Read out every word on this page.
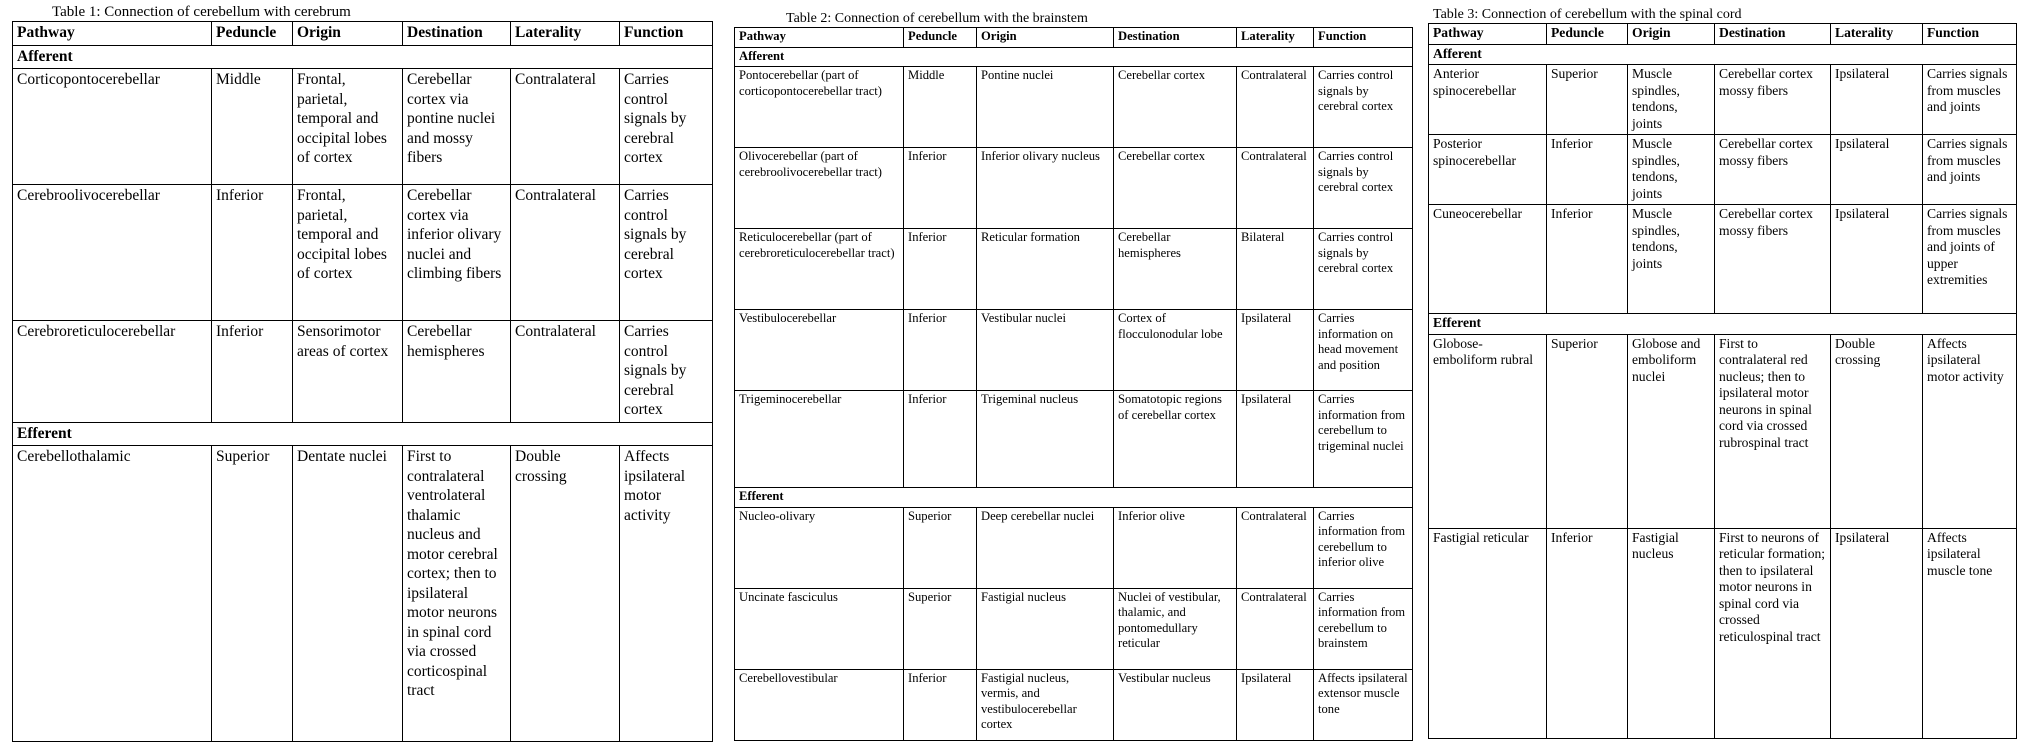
Table 1: Connection of cerebellum with cerebrum
Pathway	Peduncle	Origin	Destination	Laterality	Function
Afferent					
Corticopontocerebellar	Middle	Frontal, parietal, temporal and occipital lobes of cortex	Cerebellar cortex via pontine nuclei and mossy fibers	Contralateral	Carries control signals by cerebral cortex
Cerebroolivocerebellar	Inferior	Frontal, parietal, temporal and occipital lobes of cortex	Cerebellar cortex via inferior olivary nuclei and climbing fibers	Contralateral	Carries control signals by cerebral cortex
Cerebroreticulocerebellar	Inferior	Sensorimotor areas of cortex	Cerebellar hemispheres	Contralateral	Carries control signals by cerebral cortex
Efferent					
Cerebellothalamic	Superior	Dentate nuclei	First to contralateral ventrolateral thalamic nucleus and motor cerebral cortex; then to ipsilateral motor neurons in spinal cord via crossed corticospinal tract	Double crossing	Affects ipsilateral motor activity
Table 2: Connection of cerebellum with the brainstem
Pathway	Peduncle	Origin	Destination	Laterality	Function
Afferent					
Pontocerebellar (part of corticopontocerebellar tract)	Middle	Pontine nuclei	Cerebellar cortex	Contralateral	Carries control signals by cerebral cortex
Olivocerebellar (part of cerebroolivocerebellar tract)	Inferior	Inferior olivary nucleus	Cerebellar cortex	Contralateral	Carries control signals by cerebral cortex
Reticulocerebellar (part of cerebroreticulocerebellar tract)	Inferior	Reticular formation	Cerebellar hemispheres	Bilateral	Carries control signals by cerebral cortex
Vestibulocerebellar	Inferior	Vestibular nuclei	Cortex of flocculonodular lobe	Ipsilateral	Carries information on head movement and position
Trigeminocerebellar	Inferior	Trigeminal nucleus	Somatotopic regions of cerebellar cortex	Ipsilateral	Carries information from cerebellum to trigeminal nuclei
Efferent					
Nucleo-olivary	Superior	Deep cerebellar nuclei	Inferior olive	Contralateral	Carries information from cerebellum to inferior olive
Uncinate fasciculus	Superior	Fastigial nucleus	Nuclei of vestibular, thalamic, and pontomedullary reticular	Contralateral	Carries information from cerebellum to brainstem
Cerebellovestibular	Inferior	Fastigial nucleus, vermis, and vestibulocerebellar cortex	Vestibular nucleus	Ipsilateral	Affects ipsilateral extensor muscle tone
Table 3: Connection of cerebellum with the spinal cord
Pathway	Peduncle	Origin	Destination	Laterality	Function
Afferent					
Anterior spinocerebellar	Superior	Muscle spindles, tendons, joints	Cerebellar cortex mossy fibers	Ipsilateral	Carries signals from muscles and joints
Posterior spinocerebellar	Inferior	Muscle spindles, tendons, joints	Cerebellar cortex mossy fibers	Ipsilateral	Carries signals from muscles and joints
Cuneocerebellar	Inferior	Muscle spindles, tendons, joints	Cerebellar cortex mossy fibers	Ipsilateral	Carries signals from muscles and joints of upper extremities
Efferent					
Globose-emboliform rubral	Superior	Globose and emboliform nuclei	First to contralateral red nucleus; then to ipsilateral motor neurons in spinal cord via crossed rubrospinal tract	Double crossing	Affects ipsilateral motor activity
Fastigial reticular	Inferior	Fastigial nucleus	First to neurons of reticular formation; then to ipsilateral motor neurons in spinal cord via crossed reticulospinal tract	Ipsilateral	Affects ipsilateral muscle tone
